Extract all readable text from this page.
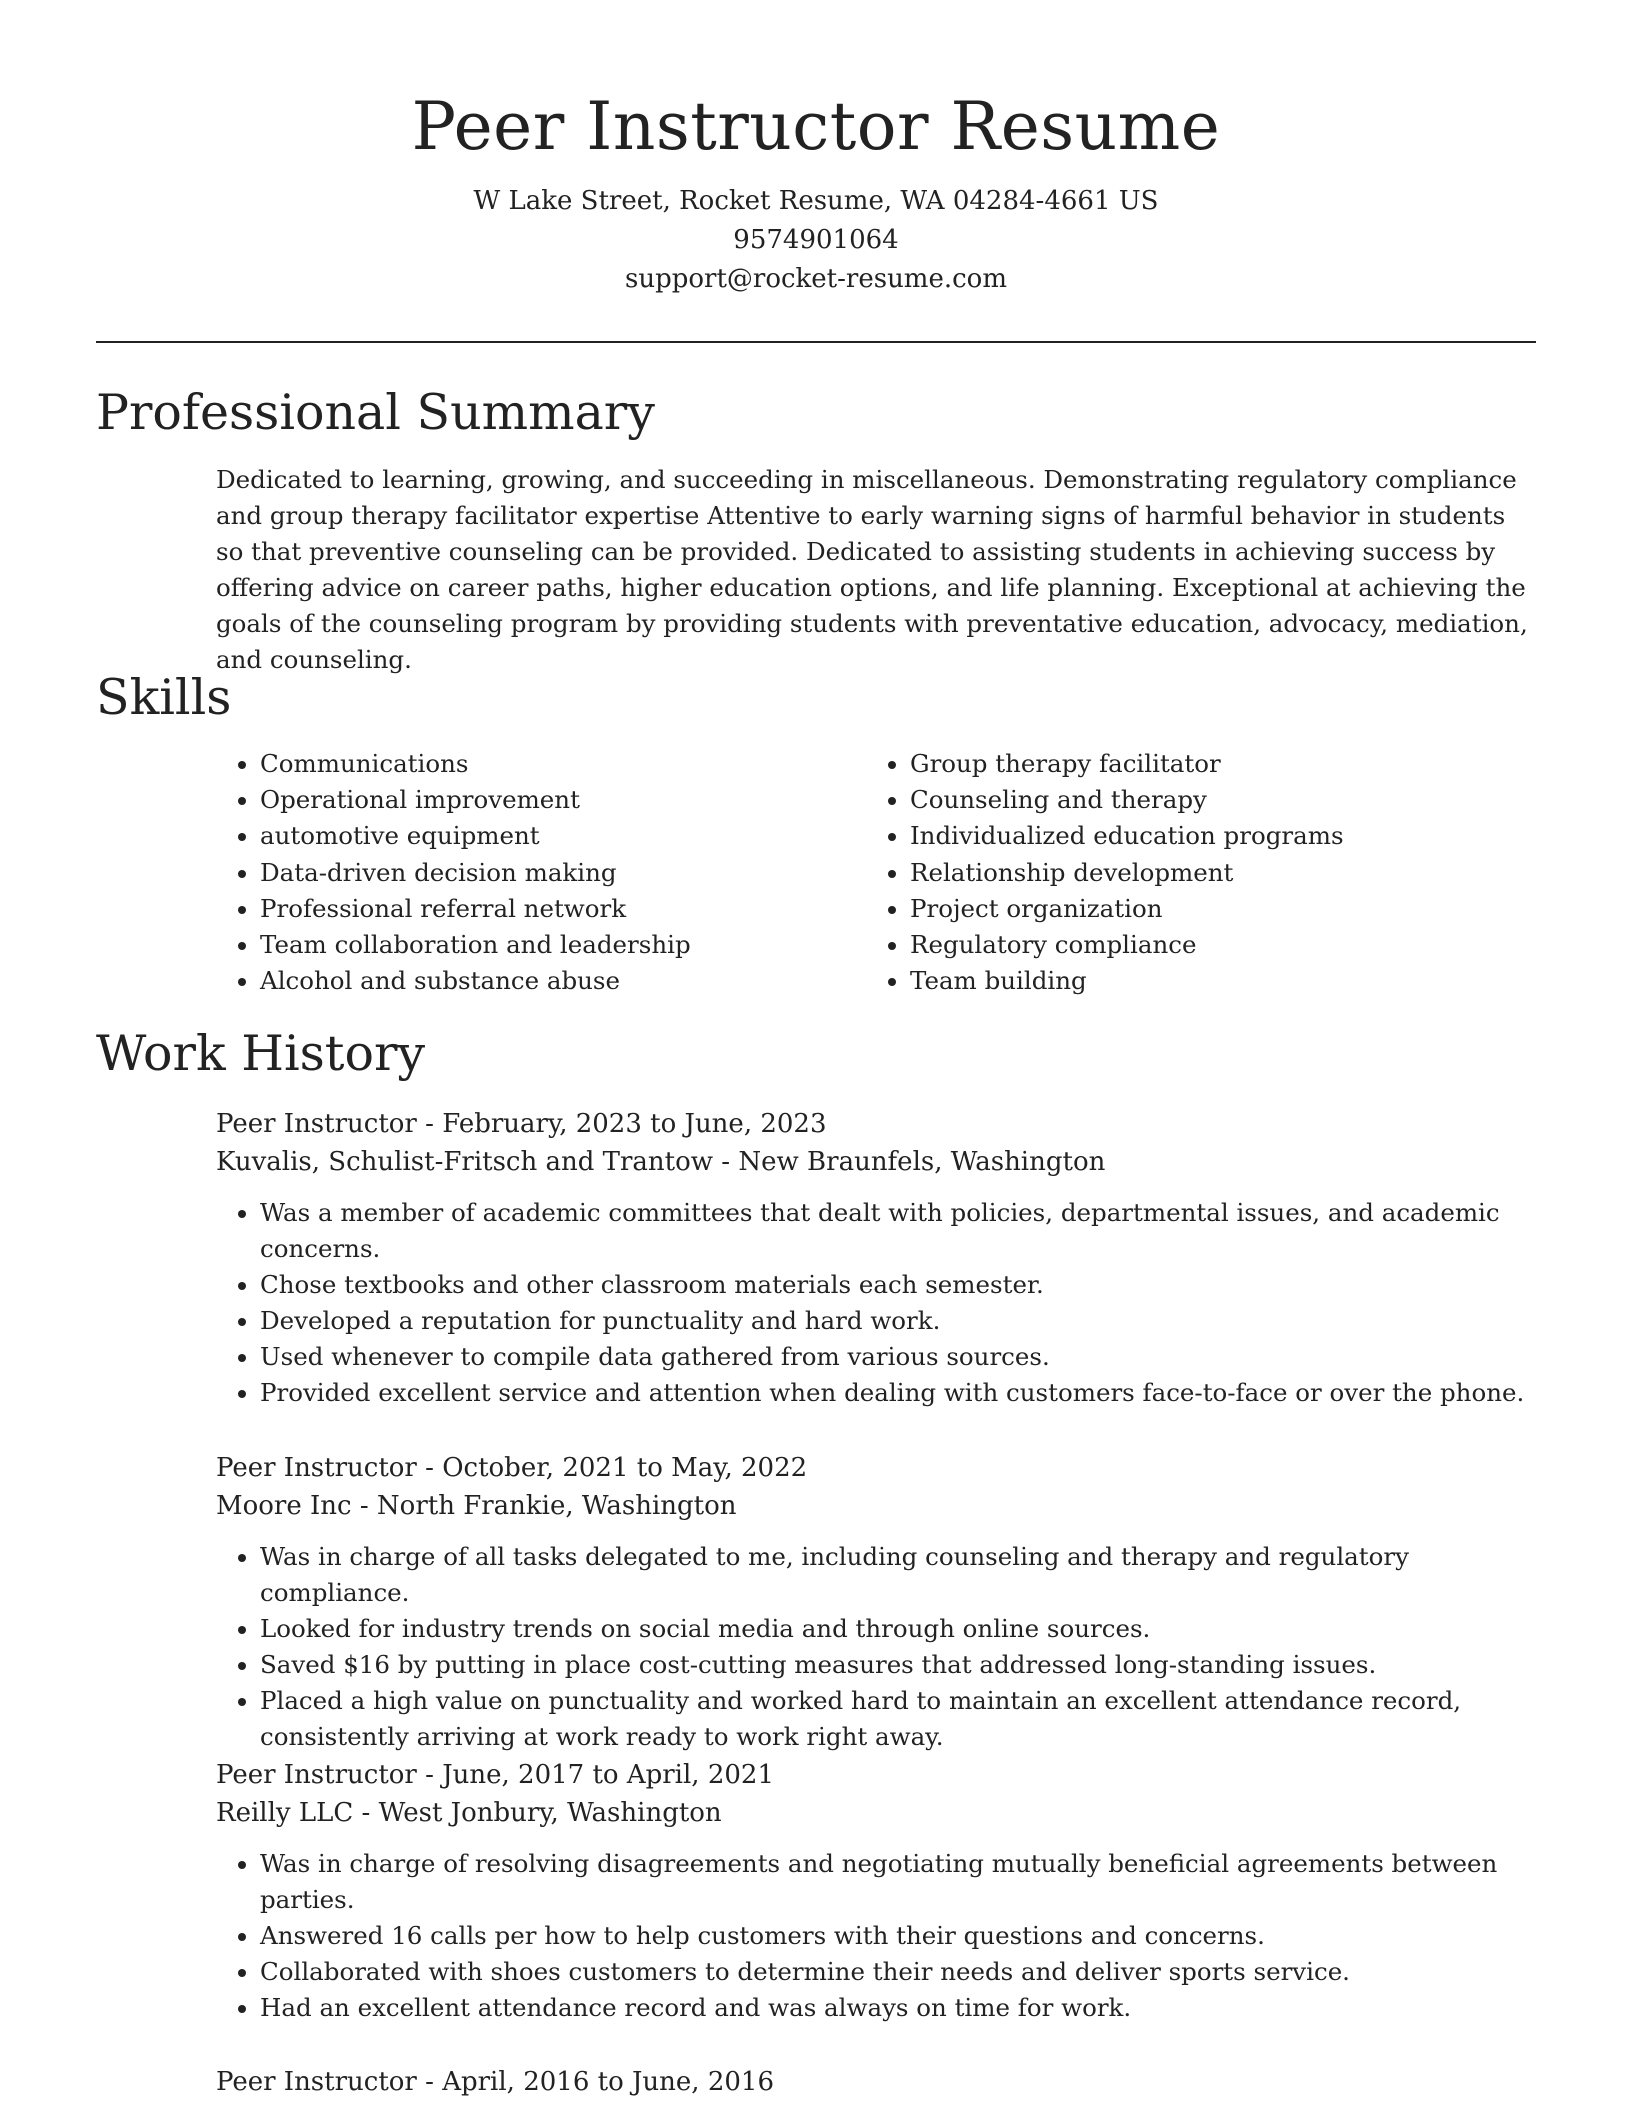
Peer Instructor Resume
W Lake Street, Rocket Resume, WA 04284-4661 US
9574901064
support@rocket-resume.com
Professional Summary

Dedicated to learning, growing, and succeeding in miscellaneous. Demonstrating regulatory compliance and group therapy facilitator expertise Attentive to early warning signs of harmful behavior in students so that preventive counseling can be provided. Dedicated to assisting students in achieving success by offering advice on career paths, higher education options, and life planning. Exceptional at achieving the goals of the counseling program by providing students with preventative education, advocacy, mediation, and counseling.

Skills
• Communications
• Operational improvement
• automotive equipment
• Data-driven decision making
• Professional referral network
• Team collaboration and leadership
• Alcohol and substance abuse
• Group therapy facilitator
• Counseling and therapy
• Individualized education programs
• Relationship development
• Project organization
• Regulatory compliance
• Team building
Work History

Peer Instructor - February, 2023 to June, 2023

Kuvalis, Schulist-Fritsch and Trantow - New Braunfels, Washington

• Was a member of academic committees that dealt with policies, departmental issues, and academic concerns.
• Chose textbooks and other classroom materials each semester.
• Developed a reputation for punctuality and hard work.
• Used whenever to compile data gathered from various sources.
• Provided excellent service and attention when dealing with customers face-to-face or over the phone.

Peer Instructor - October, 2021 to May, 2022

Moore Inc - North Frankie, Washington

• Was in charge of all tasks delegated to me, including counseling and therapy and regulatory compliance.
• Looked for industry trends on social media and through online sources.
• Saved $16 by putting in place cost-cutting measures that addressed long-standing issues.
• Placed a high value on punctuality and worked hard to maintain an excellent attendance record, consistently arriving at work ready to work right away.

Peer Instructor - June, 2017 to April, 2021

Reilly LLC - West Jonbury, Washington

• Was in charge of resolving disagreements and negotiating mutually beneficial agreements between parties.
• Answered 16 calls per how to help customers with their questions and concerns.
• Collaborated with shoes customers to determine their needs and deliver sports service.
• Had an excellent attendance record and was always on time for work.

Peer Instructor - April, 2016 to June, 2016
